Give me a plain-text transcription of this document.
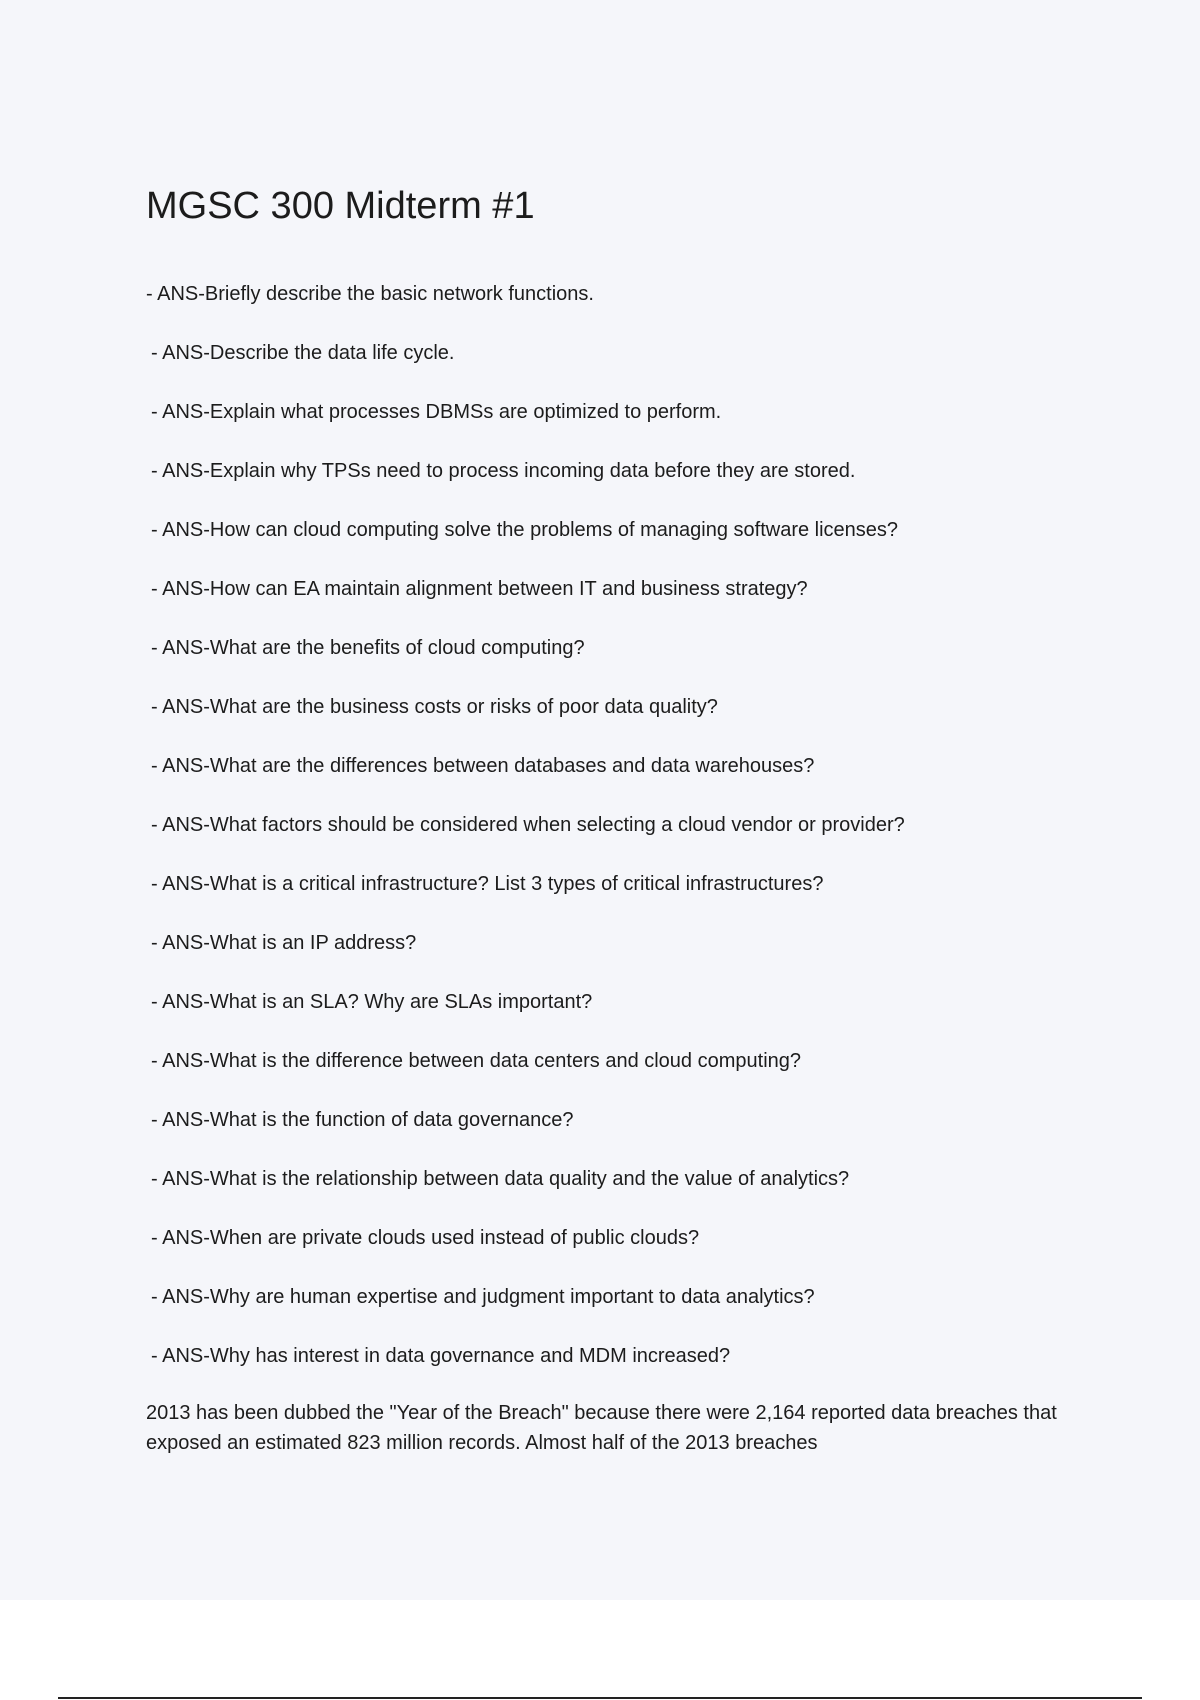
MGSC 300 Midterm #1
- ANS-Briefly describe the basic network functions.
- ANS-Describe the data life cycle.
- ANS-Explain what processes DBMSs are optimized to perform.
- ANS-Explain why TPSs need to process incoming data before they are stored.
- ANS-How can cloud computing solve the problems of managing software licenses?
- ANS-How can EA maintain alignment between IT and business strategy?
- ANS-What are the benefits of cloud computing?
- ANS-What are the business costs or risks of poor data quality?
- ANS-What are the differences between databases and data warehouses?
- ANS-What factors should be considered when selecting a cloud vendor or provider?
- ANS-What is a critical infrastructure? List 3 types of critical infrastructures?
- ANS-What is an IP address?
- ANS-What is an SLA? Why are SLAs important?
- ANS-What is the difference between data centers and cloud computing?
- ANS-What is the function of data governance?
- ANS-What is the relationship between data quality and the value of analytics?
- ANS-When are private clouds used instead of public clouds?
- ANS-Why are human expertise and judgment important to data analytics?
- ANS-Why has interest in data governance and MDM increased?

2013 has been dubbed the "Year of the Breach" because there were 2,164 reported data breaches that exposed an estimated 823 million records. Almost half of the 2013 breaches
